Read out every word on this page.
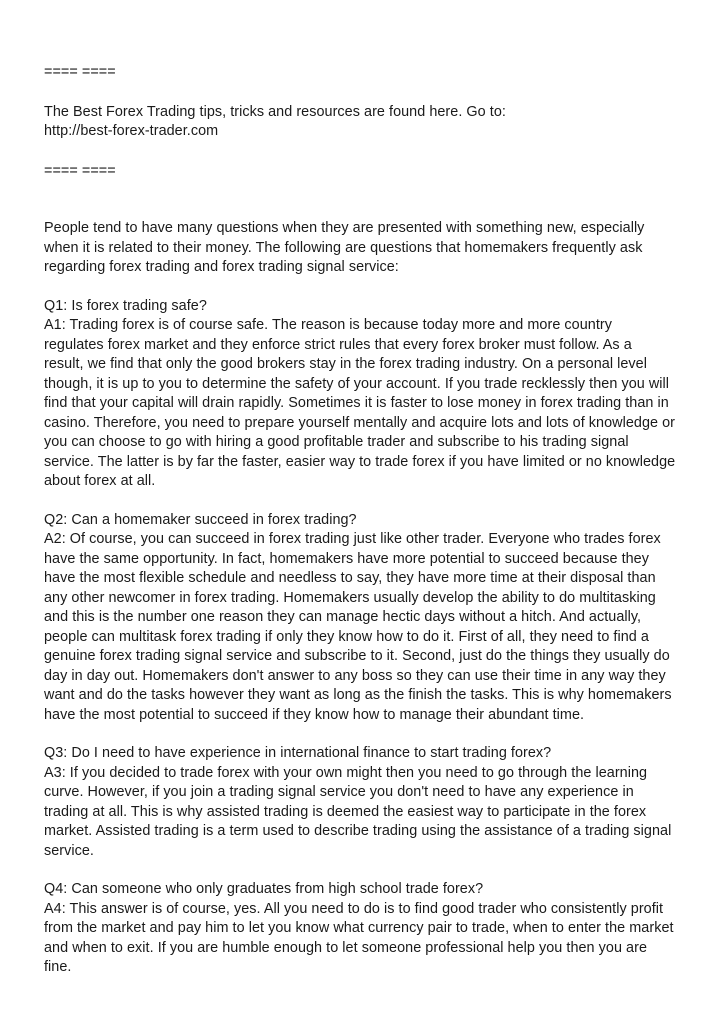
==== ====
The Best Forex Trading tips, tricks and resources are found here. Go to:
http://best-forex-trader.com
==== ====
People tend to have many questions when they are presented with something new, especially
when it is related to their money. The following are questions that homemakers frequently ask
regarding forex trading and forex trading signal service:
Q1: Is forex trading safe?
A1: Trading forex is of course safe. The reason is because today more and more country
regulates forex market and they enforce strict rules that every forex broker must follow. As a
result, we find that only the good brokers stay in the forex trading industry. On a personal level
though, it is up to you to determine the safety of your account. If you trade recklessly then you will
find that your capital will drain rapidly. Sometimes it is faster to lose money in forex trading than in
casino. Therefore, you need to prepare yourself mentally and acquire lots and lots of knowledge or
you can choose to go with hiring a good profitable trader and subscribe to his trading signal
service. The latter is by far the faster, easier way to trade forex if you have limited or no knowledge
about forex at all.
Q2: Can a homemaker succeed in forex trading?
A2: Of course, you can succeed in forex trading just like other trader. Everyone who trades forex
have the same opportunity. In fact, homemakers have more potential to succeed because they
have the most flexible schedule and needless to say, they have more time at their disposal than
any other newcomer in forex trading. Homemakers usually develop the ability to do multitasking
and this is the number one reason they can manage hectic days without a hitch. And actually,
people can multitask forex trading if only they know how to do it. First of all, they need to find a
genuine forex trading signal service and subscribe to it. Second, just do the things they usually do
day in day out. Homemakers don't answer to any boss so they can use their time in any way they
want and do the tasks however they want as long as the finish the tasks. This is why homemakers
have the most potential to succeed if they know how to manage their abundant time.
Q3: Do I need to have experience in international finance to start trading forex?
A3: If you decided to trade forex with your own might then you need to go through the learning
curve. However, if you join a trading signal service you don't need to have any experience in
trading at all. This is why assisted trading is deemed the easiest way to participate in the forex
market. Assisted trading is a term used to describe trading using the assistance of a trading signal
service.
Q4: Can someone who only graduates from high school trade forex?
A4: This answer is of course, yes. All you need to do is to find good trader who consistently profit
from the market and pay him to let you know what currency pair to trade, when to enter the market
and when to exit. If you are humble enough to let someone professional help you then you are
fine.
